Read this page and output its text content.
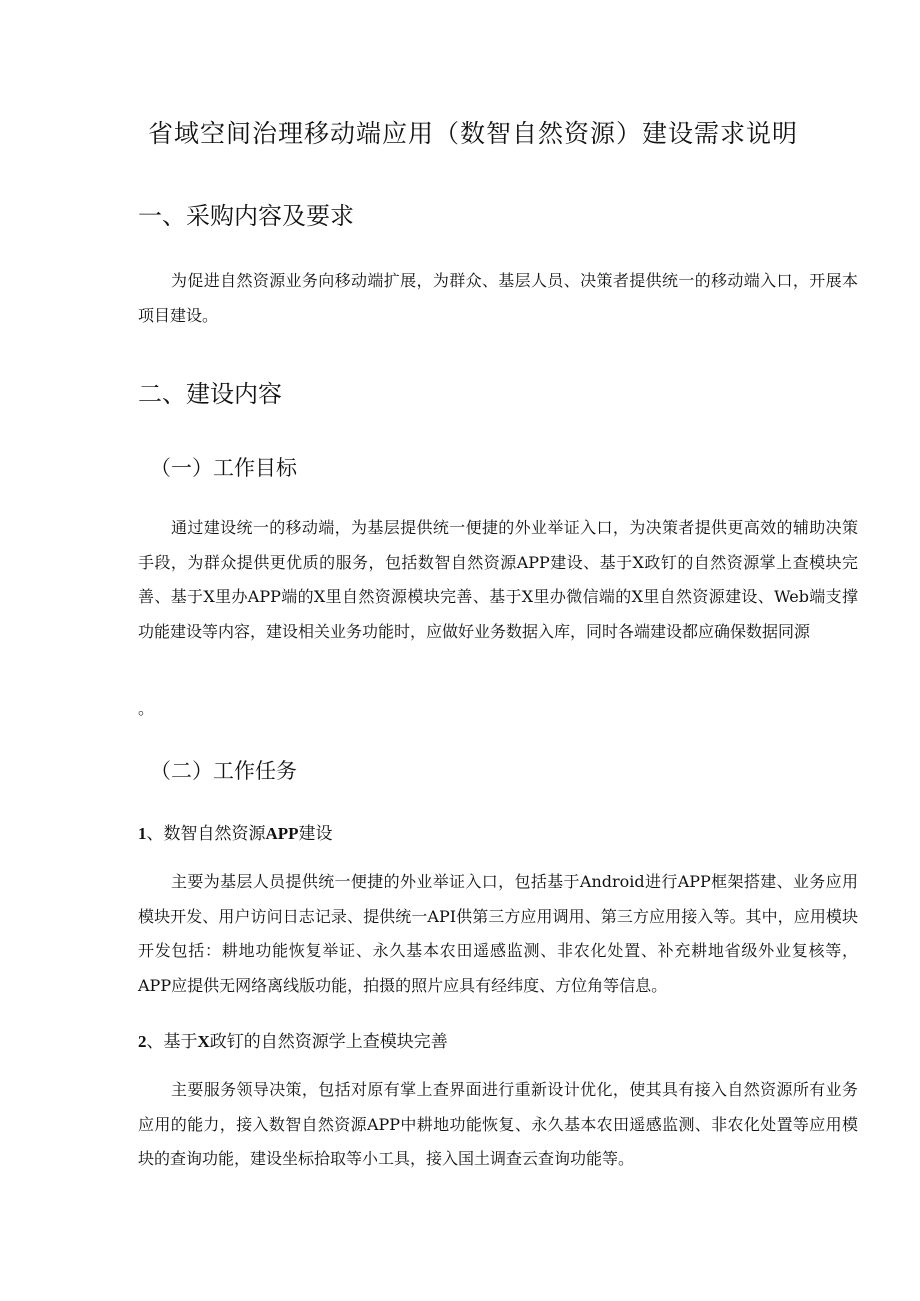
省域空间治理移动端应用（数智自然资源）建设需求说明
一、采购内容及要求

为促进自然资源业务向移动端扩展，为群众、基层人员、决策者提供统一的移动端入口，开展本项目建设。

二、建设内容
（一）工作目标

通过建设统一的移动端，为基层提供统一便捷的外业举证入口，为决策者提供更高效的辅助决策手段，为群众提供更优质的服务，包括数智自然资源APP建设、基于X政钉的自然资源掌上查模块完善、基于X里办APP端的X里自然资源模块完善、基于X里办微信端的X里自然资源建设、Web端支撑功能建设等内容，建设相关业务功能时，应做好业务数据入库，同时各端建设都应确保数据同源

。
（二）工作任务
1、数智自然资源APP建设

主要为基层人员提供统一便捷的外业举证入口，包括基于Android进行APP框架搭建、业务应用模块开发、用户访问日志记录、提供统一API供第三方应用调用、第三方应用接入等。其中，应用模块开发包括：耕地功能恢复举证、永久基本农田遥感监测、非农化处置、补充耕地省级外业复核等，APP应提供无网络离线版功能，拍摄的照片应具有经纬度、方位角等信息。

2、基于X政钉的自然资源学上查模块完善

主要服务领导决策，包括对原有掌上查界面进行重新设计优化，使其具有接入自然资源所有业务应用的能力，接入数智自然资源APP中耕地功能恢复、永久基本农田遥感监测、非农化处置等应用模块的查询功能，建设坐标拾取等小工具，接入国土调查云查询功能等。
